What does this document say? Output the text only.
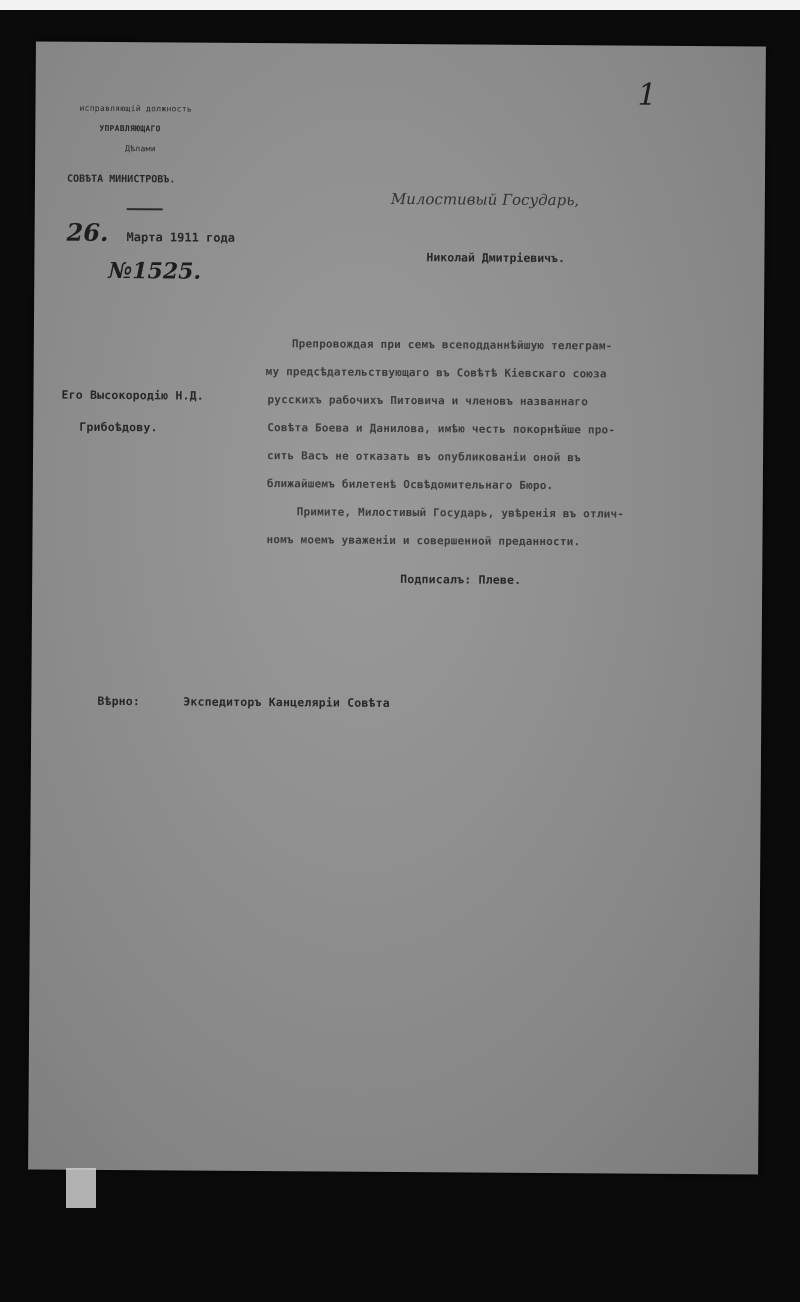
исправляющій должность
УПРАВЛЯЮЩАГО
Дѣлами
СОВѢТА МИНИСТРОВЪ.
26. Марта 1911 года
№1525.
1
Милостивый Государь,
Николай Дмитріевичъ.
Его Высокородію Н.Д.
Грибоѣдову.
Препровождая при семъ всеподданнѣйшую телеграм-
му предсѣдательствующаго въ Совѣтѣ Кіевскаго союза
русскихъ рабочихъ Питовича и членовъ названнаго
Совѣта Боева и Данилова, имѣю честь покорнѣйше про-
сить Васъ не отказать въ опубликованіи оной въ
ближайшемъ билетенѣ Освѣдомительнаго Бюро.
Примите, Милостивый Государь, увѣренія въ отлич-
номъ моемъ уваженіи и совершенной преданности.
Подписалъ: Плеве.
Вѣрно:	Экспедиторъ Канцеляріи Совѣта
